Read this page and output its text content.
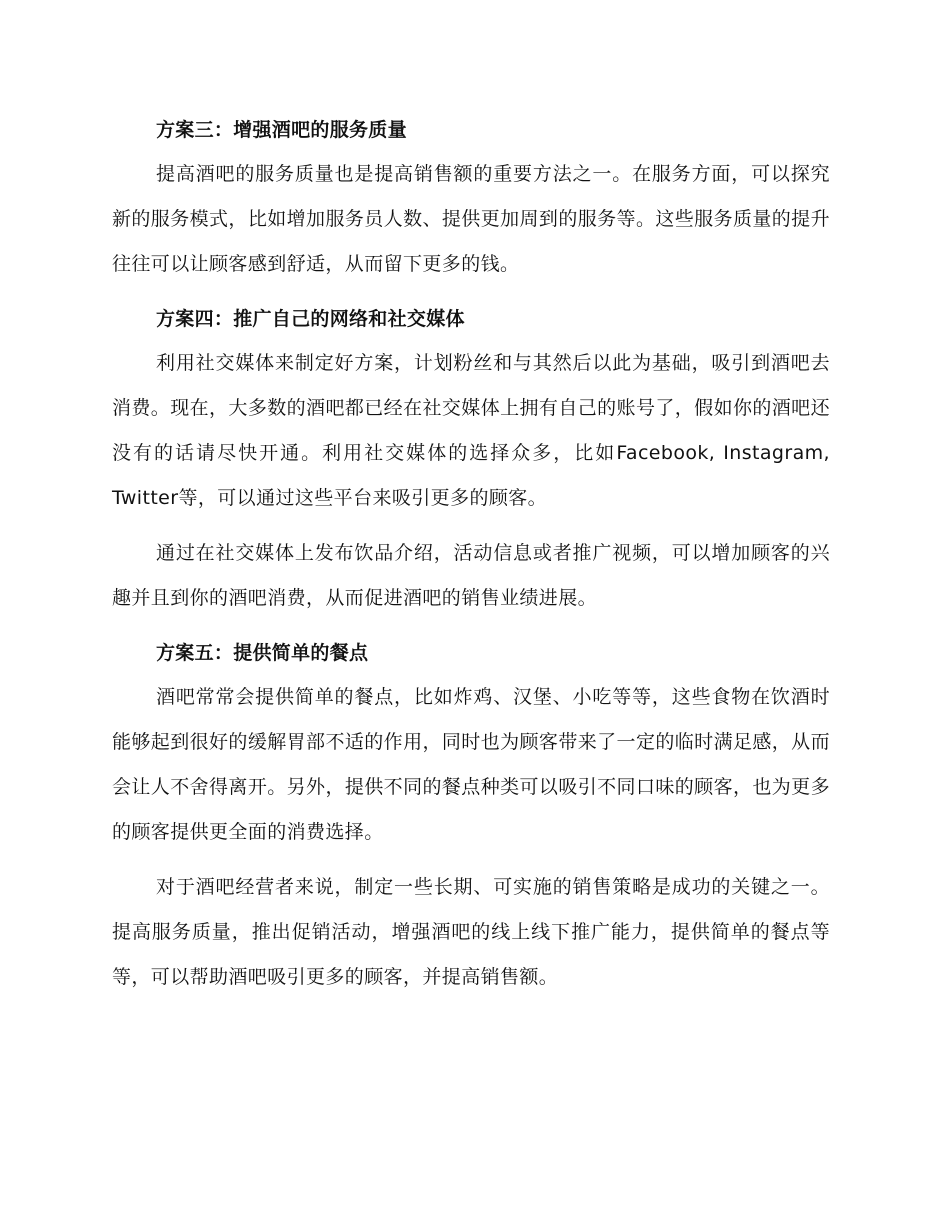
方案三：增强酒吧的服务质量

提高酒吧的服务质量也是提高销售额的重要方法之一。在服务方面，可以探究新的服务模式，比如增加服务员人数、提供更加周到的服务等。这些服务质量的提升往往可以让顾客感到舒适，从而留下更多的钱。

方案四：推广自己的网络和社交媒体

利用社交媒体来制定好方案，计划粉丝和与其然后以此为基础，吸引到酒吧去消费。现在，大多数的酒吧都已经在社交媒体上拥有自己的账号了，假如你的酒吧还没有的话请尽快开通。利用社交媒体的选择众多，比如Facebook, Instagram, Twitter等，可以通过这些平台来吸引更多的顾客。

通过在社交媒体上发布饮品介绍，活动信息或者推广视频，可以增加顾客的兴趣并且到你的酒吧消费，从而促进酒吧的销售业绩进展。

方案五：提供简单的餐点

酒吧常常会提供简单的餐点，比如炸鸡、汉堡、小吃等等，这些食物在饮酒时能够起到很好的缓解胃部不适的作用，同时也为顾客带来了一定的临时满足感，从而会让人不舍得离开。另外，提供不同的餐点种类可以吸引不同口味的顾客，也为更多的顾客提供更全面的消费选择。

对于酒吧经营者来说，制定一些长期、可实施的销售策略是成功的关键之一。提高服务质量，推出促销活动，增强酒吧的线上线下推广能力，提供简单的餐点等等，可以帮助酒吧吸引更多的顾客，并提高销售额。
